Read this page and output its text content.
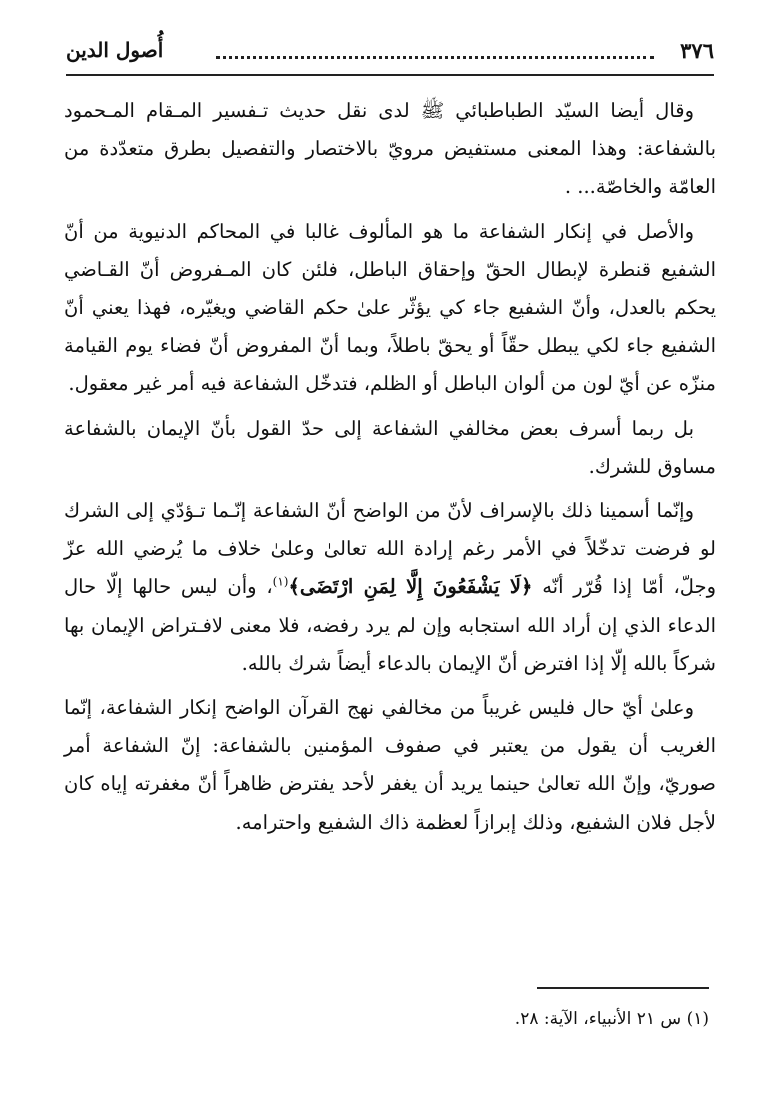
٣٧٦
أُصول الدين

وقال أيضا السيّد الطباطبائي ﷺ لدى نقل حديث تـفسير المـقام المـحمود بالشفاعة: وهذا المعنى مستفيض مرويّ بالاختصار والتفصيل بطرق متعدّدة من العامّة والخاصّة... .

والأصل في إنكار الشفاعة ما هو المألوف غالبا في المحاكم الدنيوية من أنّ الشفيع قنطرة لإبطال الحقّ وإحقاق الباطل، فلئن كان المـفروض أنّ القـاضي يحكم بالعدل، وأنّ الشفيع جاء كي يؤثّر علىٰ حكم القاضي ويغيّره، فهذا يعني أنّ الشفيع جاء لكي يبطل حقّاً أو يحقّ باطلاً، وبما أنّ المفروض أنّ فضاء يوم القيامة منزّه عن أيّ لون من ألوان الباطل أو الظلم، فتدخّل الشفاعة فيه أمر غير معقول.

بل ربما أسرف بعض مخالفي الشفاعة إلى حدّ القول بأنّ الإيمان بالشفاعة مساوق للشرك.

وإنّما أسمينا ذلك بالإسراف لأنّ من الواضح أنّ الشفاعة إنّـما تـؤدّي إلى الشرك لو فرضت تدخّلاً في الأمر رغم إرادة الله تعالىٰ وعلىٰ خلاف ما يُرضي الله عزّ وجلّ، أمّا إذا قُرّر أنّه ﴿لَا يَشْفَعُونَ إِلَّا لِمَنِ ارْتَضَى﴾$^{(١)}$، وأن ليس حالها إلّا حال الدعاء الذي إن أراد الله استجابه وإن لم يرد رفضه، فلا معنى لافـتراض الإيمان بها شركاً بالله إلّا إذا افترض أنّ الإيمان بالدعاء أيضاً شرك بالله.

وعلىٰ أيّ حال فليس غريباً من مخالفي نهج القرآن الواضح إنكار الشفاعة، إنّما الغريب أن يقول من يعتبر في صفوف المؤمنين بالشفاعة: إنّ الشفاعة أمر صوريّ، وإنّ الله تعالىٰ حينما يريد أن يغفر لأحد يفترض ظاهراً أنّ مغفرته إياه كان لأجل فلان الشفيع، وذلك إبرازاً لعظمة ذاك الشفيع واحترامه.

(١) س ٢١ الأنبياء، الآية: ٢٨.
